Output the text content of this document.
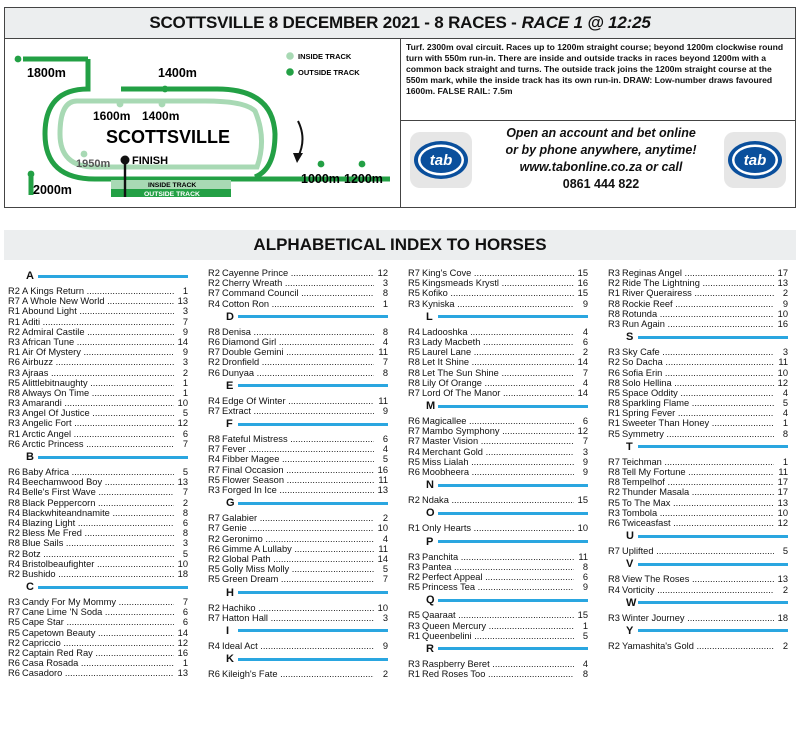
SCOTTSVILLE 8 DECEMBER 2021 - 8 RACES - RACE 1 @ 12:25
INSIDE TRACK
OUTSIDE TRACK
1800m	1400m
1600m 1400m
SCOTTSVILLE
1950m FINISH
2000m
1000m 1200m
INSIDE TRACK
OUTSIDE TRACK
Turf. 2300m oval circuit. Races up to 1200m straight course; beyond 1200m clockwise round turn with 550m run-in. There are inside and outside tracks in races beyond 1200m with a common back straight and turns. The outside track joins the 1200m straight course at the 550m mark, while the inside track has its own run-in. DRAW: Low-number draws favoured 1600m. FALSE RAIL: 7.5m
tab
Open an account and bet online
or by phone anywhere, anytime!
www.tabonline.co.za or call
0861 444 822
tab
ALPHABETICAL INDEX TO HORSES
A
R2 A Kings Return .....	1
R7 A Whole New World .....	13
R1 Abound Light .....	3
R1 Aditi .....	7
R2 Admiral Castile .....	9
R3 African Tune .....	14
R1 Air Of Mystery .....	9
R6 Airbuzz .....	3
R3 Ajraas .....	2
R5 Alittlebitnaughty .....	1
R8 Always On Time .....	1
R3 Amarandi .....	10
R3 Angel Of Justice .....	5
R3 Angelic Fort .....	12
R1 Arctic Angel .....	6
R6 Arctic Princess .....	7
B
R6 Baby Africa .....	5
R4 Beechamwood Boy .....	13
R4 Belle's First Wave .....	7
R8 Black Peppercorn .....	2
R4 Blackwhiteandnamite .....	8
R4 Blazing Light .....	6
R2 Bless Me Fred .....	8
R8 Blue Sails .....	3
R2 Botz .....	5
R4 Bristolbeaufighter .....	10
R2 Bushido .....	18
C
R3 Candy For My Mommy .....	7
R7 Cane Lime 'N Soda .....	6
R5 Cape Star .....	6
R5 Capetown Beauty .....	14
R2 Capriccio .....	12
R2 Captain Red Ray .....	16
R6 Casa Rosada .....	1
R6 Casadoro .....	13
R2 Cayenne Prince .....	12
R2 Cherry Wreath .....	3
R7 Command Council .....	8
R4 Cotton Ron .....	1
D
R8 Denisa .....	8
R6 Diamond Girl .....	4
R7 Double Gemini .....	11
R2 Dronfield .....	7
R6 Dunyaa .....	8
E
R4 Edge Of Winter .....	11
R7 Extract .....	9
F
R8 Fateful Mistress .....	6
R7 Fever .....	4
R4 Fibber Magee .....	5
R7 Final Occasion .....	16
R5 Flower Season .....	11
R3 Forged In Ice .....	13
G
R7 Galabier .....	2
R7 Genie .....	10
R2 Geronimo .....	4
R6 Gimme A Lullaby .....	11
R2 Global Path .....	14
R5 Golly Miss Molly .....	5
R5 Green Dream .....	7
H
R2 Hachiko .....	10
R7 Hatton Hall .....	3
I
R4 Ideal Act .....	9
K
R6 Kileigh's Fate .....	2
R7 King's Cove .....	15
R5 Kingsmeads Krystl .....	16
R5 Kofiko .....	15
R3 Kyniska .....	9
L
R4 Ladooshka .....	4
R3 Lady Macbeth .....	6
R5 Laurel Lane .....	2
R8 Let It Shine .....	14
R8 Let The Sun Shine .....	7
R8 Lily Of Orange .....	4
R7 Lord Of The Manor .....	14
M
R6 Magicallee .....	6
R7 Mambo Symphony .....	12
R7 Master Vision .....	7
R4 Merchant Gold .....	3
R5 Miss Lialah .....	9
R6 Moobheera .....	9
N
R2 Ndaka .....	15
O
R1 Only Hearts .....	10
P
R3 Panchita .....	11
R3 Pantea .....	8
R2 Perfect Appeal .....	6
R5 Princess Tea .....	9
Q
R5 Qaaraat .....	15
R3 Queen Mercury .....	1
R1 Queenbelini .....	5
R
R3 Raspberry Beret .....	4
R1 Red Roses Too .....	8
R3 Reginas Angel .....	17
R2 Ride The Lightning .....	13
R1 River Querairess .....	2
R8 Rockie Reef .....	9
R8 Rotunda .....	10
R3 Run Again .....	16
S
R3 Sky Cafe .....	3
R2 So Dacha .....	11
R6 Sofia Erin .....	10
R8 Solo Hellina .....	12
R5 Space Oddity .....	4
R8 Sparkling Flame .....	5
R1 Spring Fever .....	4
R1 Sweeter Than Honey .....	1
R5 Symmetry .....	8
T
R7 Teichman .....	1
R8 Tell My Fortune .....	11
R8 Tempelhof .....	17
R2 Thunder Masala .....	17
R5 To The Max .....	13
R3 Tombola .....	10
R6 Twiceasfast .....	12
U
R7 Uplifted .....	5
V
R8 View The Roses .....	13
R4 Vorticity .....	2
W
R3 Winter Journey .....	18
Y
R2 Yamashita's Gold .....	2
